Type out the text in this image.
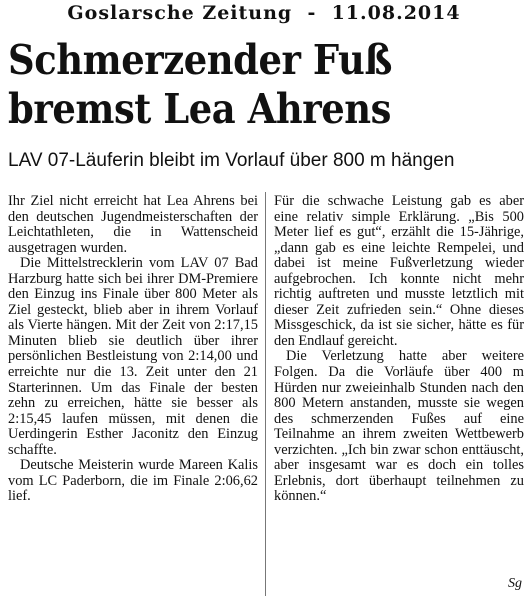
Goslarsche Zeitung - 11.08.2014
Schmerzender Fuß
bremst Lea Ahrens
LAV 07-Läuferin bleibt im Vorlauf über 800 m hängen

Ihr Ziel nicht erreicht hat Lea Ahrens bei den deutschen Jugendmeisterschaften der Leichtathleten, die in Wattenscheid ausgetragen wurden.

Die Mittelstrecklerin vom LAV 07 Bad Harzburg hatte sich bei ihrer DM-Premiere den Einzug ins Finale über 800 Meter als Ziel gesteckt, blieb aber in ihrem Vorlauf als Vierte hängen. Mit der Zeit von 2:17,15 Minuten blieb sie deutlich über ihrer persönlichen Bestleistung von 2:14,00 und erreichte nur die 13. Zeit unter den 21 Starterinnen. Um das Finale der besten zehn zu erreichen, hätte sie besser als 2:15,45 laufen müssen, mit denen die Uerdingerin Esther Jaconitz den Einzug schaffte.

Deutsche Meisterin wurde Mareen Kalis vom LC Paderborn, die im Finale 2:06,62 lief.

Für die schwache Leistung gab es aber eine relativ simple Erklärung. „Bis 500 Meter lief es gut“, erzählt die 15-Jährige, „dann gab es eine leichte Rempelei, und dabei ist meine Fußverletzung wieder aufgebrochen. Ich konnte nicht mehr richtig auftreten und musste letztlich mit dieser Zeit zufrieden sein.“ Ohne dieses Missgeschick, da ist sie sicher, hätte es für den Endlauf gereicht.

Die Verletzung hatte aber weitere Folgen. Da die Vorläufe über 400 m Hürden nur zweieinhalb Stunden nach den 800 Metern anstanden, musste sie wegen des schmerzenden Fußes auf eine Teilnahme an ihrem zweiten Wettbewerb verzichten. „Ich bin zwar schon enttäuscht, aber insgesamt war es doch ein tolles Erlebnis, dort überhaupt teilnehmen zu können.“

Sg
